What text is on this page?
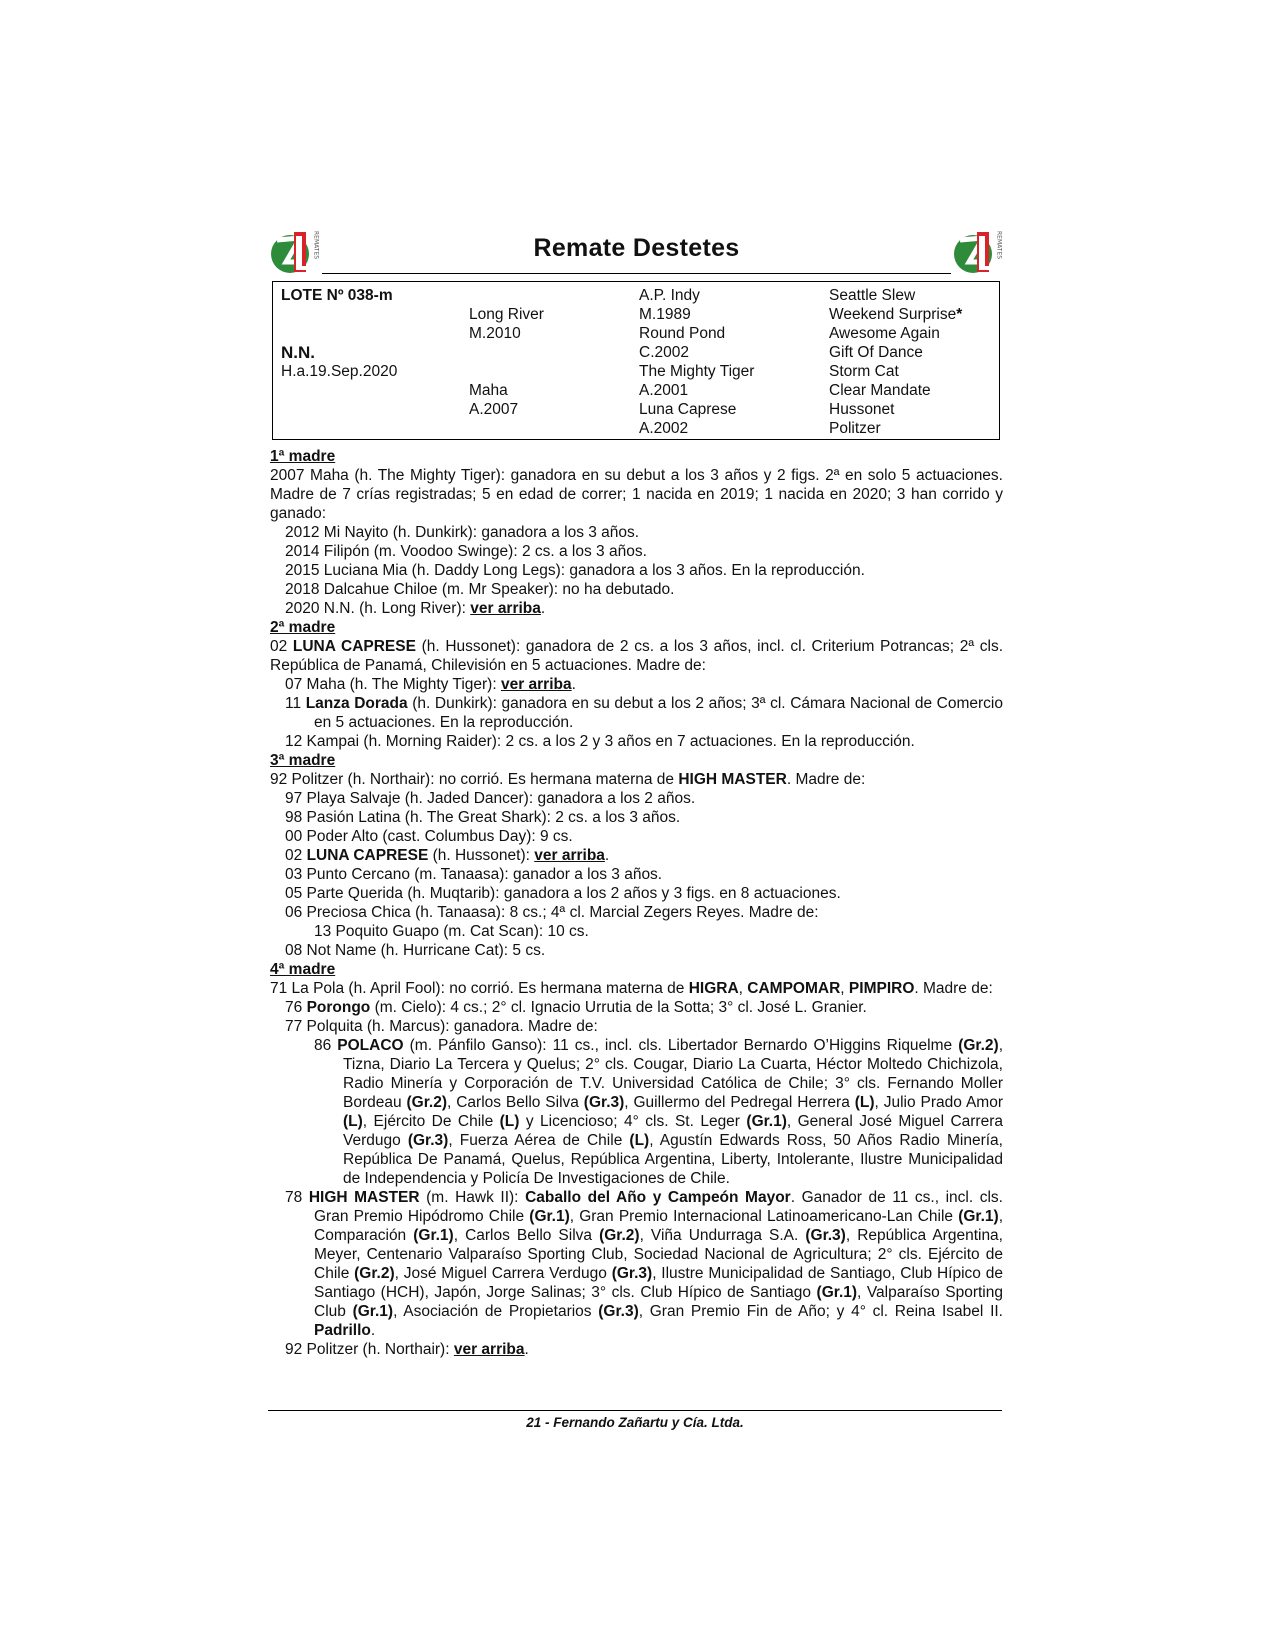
REMATES	Remate Destetes	REMATES
LOTE Nº 038-m
N.N.
H.a.19.Sep.2020
Long River
M.2010
Maha
A.2007
A.P. Indy
M.1989
Round Pond
C.2002
The Mighty Tiger
A.2001
Luna Caprese
A.2002
Seattle Slew
Weekend Surprise*
Awesome Again
Gift Of Dance
Storm Cat
Clear Mandate
Hussonet
Politzer

1ª madre

2007 Maha (h. The Mighty Tiger): ganadora en su debut a los 3 años y 2 figs. 2ª en solo 5 actuaciones. Madre de 7 crías registradas; 5 en edad de correr; 1 nacida en 2019; 1 nacida en 2020; 3 han corrido y ganado:

2012 Mi Nayito (h. Dunkirk): ganadora a los 3 años.

2014 Filipón (m. Voodoo Swinge): 2 cs. a los 3 años.

2015 Luciana Mia (h. Daddy Long Legs): ganadora a los 3 años. En la reproducción.

2018 Dalcahue Chiloe (m. Mr Speaker): no ha debutado.

2020 N.N. (h. Long River): ver arriba.

2ª madre

02 LUNA CAPRESE (h. Hussonet): ganadora de 2 cs. a los 3 años, incl. cl. Criterium Potrancas; 2ª cls. República de Panamá, Chilevisión en 5 actuaciones. Madre de:

07 Maha (h. The Mighty Tiger): ver arriba.

11 Lanza Dorada (h. Dunkirk): ganadora en su debut a los 2 años; 3ª cl. Cámara Nacional de Comercio en 5 actuaciones. En la reproducción.

12 Kampai (h. Morning Raider): 2 cs. a los 2 y 3 años en 7 actuaciones. En la reproducción.

3ª madre

92 Politzer (h. Northair): no corrió. Es hermana materna de HIGH MASTER. Madre de:

97 Playa Salvaje (h. Jaded Dancer): ganadora a los 2 años.

98 Pasión Latina (h. The Great Shark): 2 cs. a los 3 años.

00 Poder Alto (cast. Columbus Day): 9 cs.

02 LUNA CAPRESE (h. Hussonet): ver arriba.

03 Punto Cercano (m. Tanaasa): ganador a los 3 años.

05 Parte Querida (h. Muqtarib): ganadora a los 2 años y 3 figs. en 8 actuaciones.

06 Preciosa Chica (h. Tanaasa): 8 cs.; 4ª cl. Marcial Zegers Reyes. Madre de:

13 Poquito Guapo (m. Cat Scan): 10 cs.

08 Not Name (h. Hurricane Cat): 5 cs.

4ª madre

71 La Pola (h. April Fool): no corrió. Es hermana materna de HIGRA, CAMPOMAR, PIMPIRO. Madre de:

76 Porongo (m. Cielo): 4 cs.; 2° cl. Ignacio Urrutia de la Sotta; 3° cl. José L. Granier.

77 Polquita (h. Marcus): ganadora. Madre de:

86 POLACO (m. Pánfilo Ganso): 11 cs., incl. cls. Libertador Bernardo O’Higgins Riquelme (Gr.2), Tizna, Diario La Tercera y Quelus; 2° cls. Cougar, Diario La Cuarta, Héctor Moltedo Chichizola, Radio Minería y Corporación de T.V. Universidad Católica de Chile; 3° cls. Fernando Moller Bordeau (Gr.2), Carlos Bello Silva (Gr.3), Guillermo del Pedregal Herrera (L), Julio Prado Amor (L), Ejército De Chile (L) y Licencioso; 4° cls. St. Leger (Gr.1), General José Miguel Carrera Verdugo (Gr.3), Fuerza Aérea de Chile (L), Agustín Edwards Ross, 50 Años Radio Minería, República De Panamá, Quelus, República Argentina, Liberty, Intolerante, Ilustre Municipalidad de Independencia y Policía De Investigaciones de Chile.

78 HIGH MASTER (m. Hawk II): Caballo del Año y Campeón Mayor. Ganador de 11 cs., incl. cls. Gran Premio Hipódromo Chile (Gr.1), Gran Premio Internacional Latinoamericano-Lan Chile (Gr.1), Comparación (Gr.1), Carlos Bello Silva (Gr.2), Viña Undurraga S.A. (Gr.3), República Argentina, Meyer, Centenario Valparaíso Sporting Club, Sociedad Nacional de Agricultura; 2° cls. Ejército de Chile (Gr.2), José Miguel Carrera Verdugo (Gr.3), Ilustre Municipalidad de Santiago, Club Hípico de Santiago (HCH), Japón, Jorge Salinas; 3° cls. Club Hípico de Santiago (Gr.1), Valparaíso Sporting Club (Gr.1), Asociación de Propietarios (Gr.3), Gran Premio Fin de Año; y 4° cl. Reina Isabel II. Padrillo.

92 Politzer (h. Northair): ver arriba.

21 - Fernando Zañartu y Cía. Ltda.
